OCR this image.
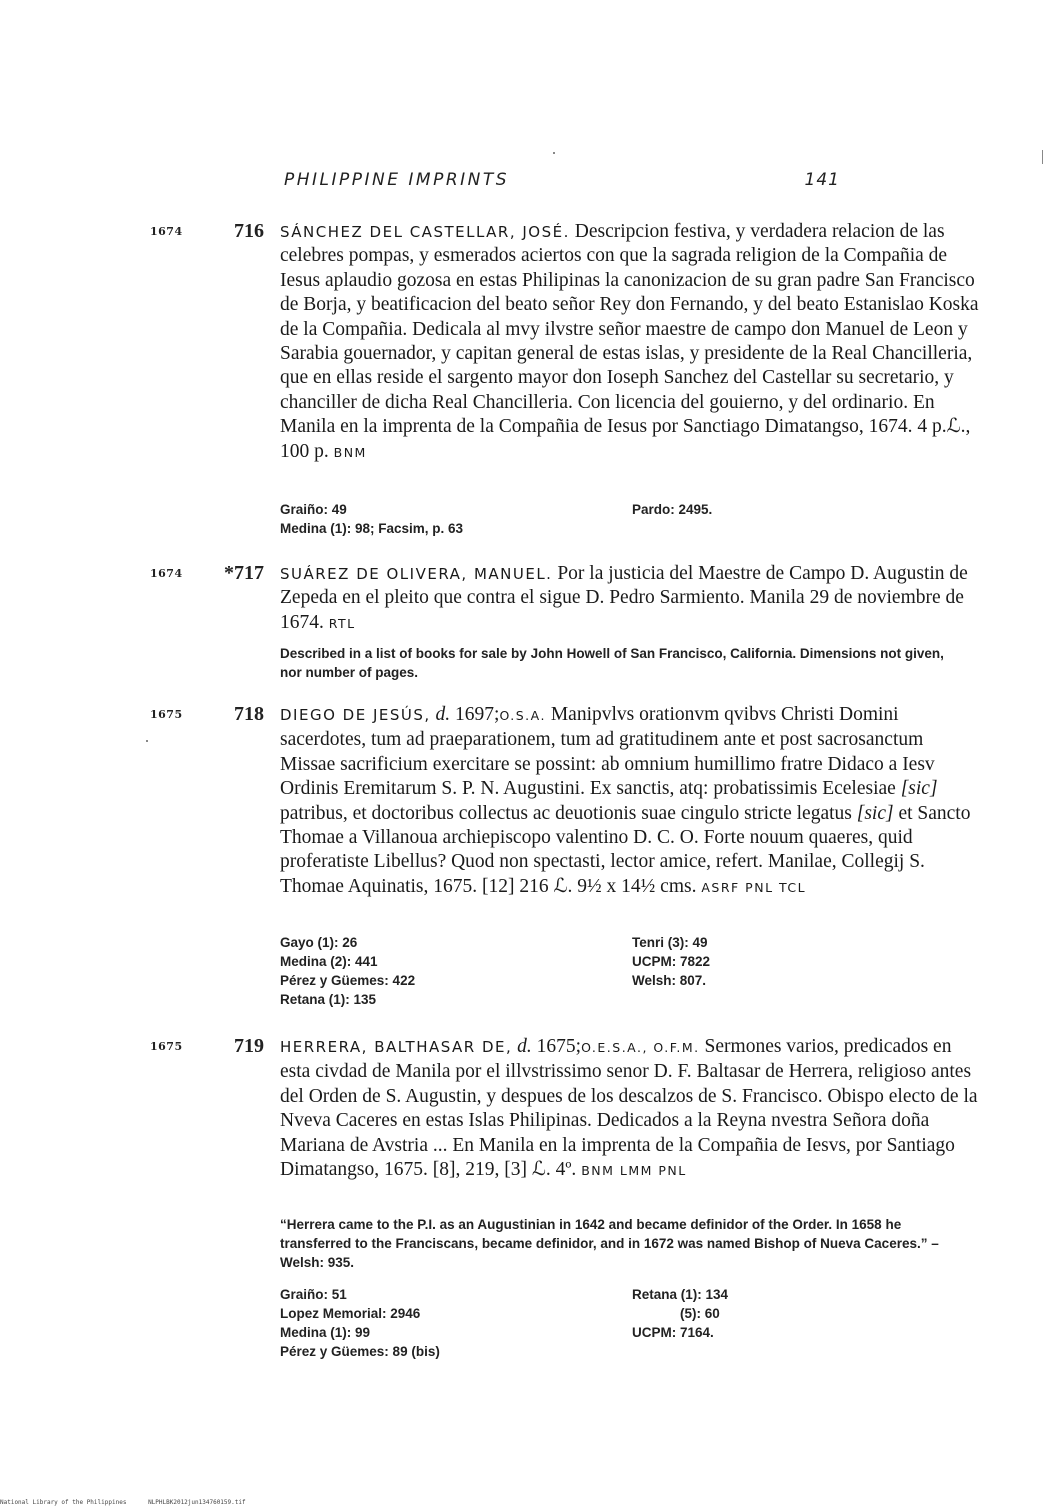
PHILIPPINE IMPRINTS	141
1674	716 SÁNCHEZ DEL CASTELLAR, JOSÉ. Descripcion festiva, y verdadera relacion de las celebres pompas, y esmerados aciertos con que la sagrada religion de la Compañia de Iesus aplaudio gozosa en estas Philipinas la canonizacion de su gran padre San Francisco de Borja, y beatificacion del beato señor Rey don Fernando, y del beato Estanislao Koska de la Compañia. Dedicala al mvy ilvstre señor maestre de campo don Manuel de Leon y Sarabia gouernador, y capitan general de estas islas, y presidente de la Real Chancilleria, que en ellas reside el sargento mayor don Ioseph Sanchez del Castellar su secretario, y chanciller de dicha Real Chancilleria. Con licencia del gouierno, y del ordinario. En Manila en la imprenta de la Compañia de Iesus por Sanctiago Dimatangso, 1674. 4 p.ℒ., 100 p. BNM
Graiño: 49
Medina (1): 98; Facsim, p. 63
Pardo: 2495.
1674	*717 SUÁREZ DE OLIVERA, MANUEL. Por la justicia del Maestre de Campo D. Augustin de Zepeda en el pleito que contra el sigue D. Pedro Sarmiento. Manila 29 de noviembre de 1674. RTL
Described in a list of books for sale by John Howell of San Francisco, California. Dimensions not given, nor number of pages.
1675	718 DIEGO DE JESÚS, d. 1697;O.S.A. Manipvlvs orationvm qvibvs Christi Domini sacerdotes, tum ad praeparationem, tum ad gratitudinem ante et post sacrosanctum Missae sacrificium exercitare se possint: ab omnium humillimo fratre Didaco a Iesv Ordinis Eremitarum S. P. N. Augustini. Ex sanctis, atq: probatissimis Ecelesiae [sic] patribus, et doctoribus collectus ac deuotionis suae cingulo stricte legatus [sic] et Sancto Thomae a Villanoua archiepiscopo valentino D. C. O. Forte nouum quaeres, quid proferatiste Libellus? Quod non spectasti, lector amice, refert. Manilae, Collegij S. Thomae Aquinatis, 1675. [12] 216 ℒ. 9½ x 14½ cms. ASRF PNL TCL
Gayo (1): 26
Medina (2): 441
Pérez y Güemes: 422
Retana (1): 135
Tenri (3): 49
UCPM: 7822
Welsh: 807.
1675	719 HERRERA, BALTHASAR DE, d. 1675;O.E.S.A., O.F.M. Sermones varios, predicados en esta civdad de Manila por el illvstrissimo senor D. F. Baltasar de Herrera, religioso antes del Orden de S. Augustin, y despues de los descalzos de S. Francisco. Obispo electo de la Nveva Caceres en estas Islas Philipinas. Dedicados a la Reyna nvestra Señora doña Mariana de Avstria ... En Manila en la imprenta de la Compañia de Iesvs, por Santiago Dimatangso, 1675. [8], 219, [3] ℒ. 4º. BNM LMM PNL
“Herrera came to the P.I. as an Augustinian in 1642 and became definidor of the Order. In 1658 he transferred to the Franciscans, became definidor, and in 1672 was named Bishop of Nueva Caceres.” – Welsh: 935.
Graiño: 51
Lopez Memorial: 2946
Medina (1): 99
Pérez y Güemes: 89 (bis)
Retana (1): 134
(5): 60
UCPM: 7164.
National Library of the Philippines	NLPHLBK2012jun134760159.tif
